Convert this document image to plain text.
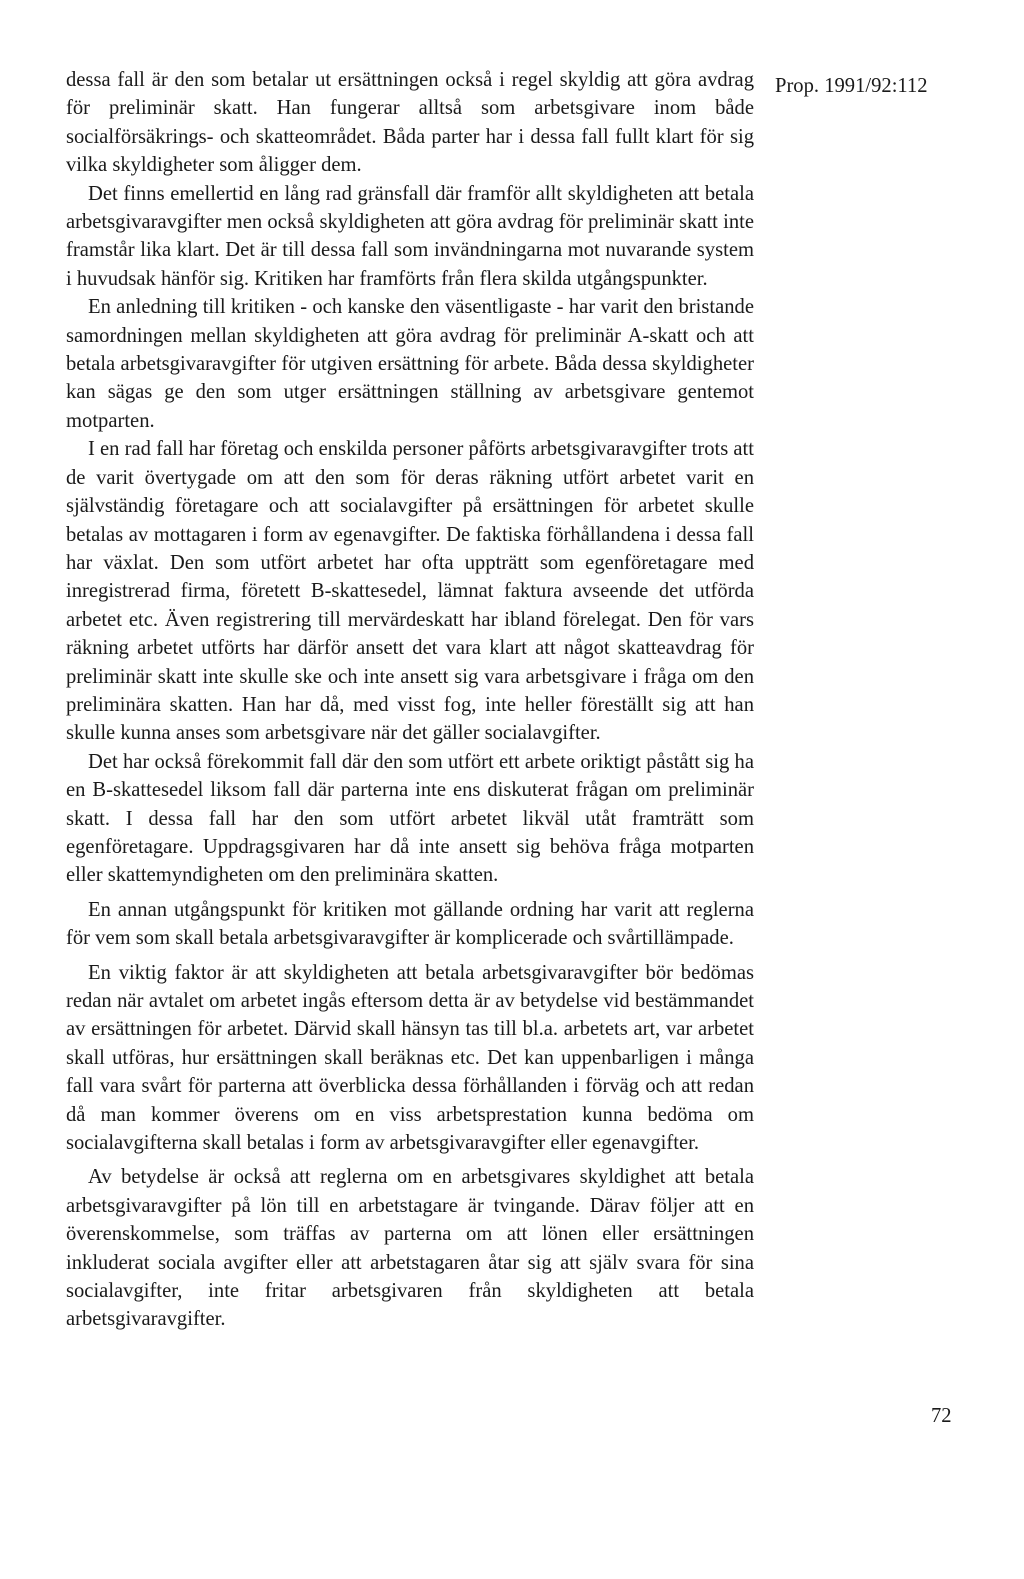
Prop. 1991/92:112

dessa fall är den som betalar ut ersättningen också i regel skyldig att göra avdrag för preliminär skatt. Han fungerar alltså som arbetsgivare inom både socialförsäkrings- och skatteområdet. Båda parter har i dessa fall fullt klart för sig vilka skyldigheter som åligger dem.

Det finns emellertid en lång rad gränsfall där framför allt skyldigheten att betala arbetsgivaravgifter men också skyldigheten att göra avdrag för preliminär skatt inte framstår lika klart. Det är till dessa fall som invändningarna mot nuvarande system i huvudsak hänför sig. Kritiken har framförts från flera skilda utgångspunkter.

En anledning till kritiken - och kanske den väsentligaste - har varit den bristande samordningen mellan skyldigheten att göra avdrag för preliminär A-skatt och att betala arbetsgivaravgifter för utgiven ersättning för arbete. Båda dessa skyldigheter kan sägas ge den som utger ersättningen ställning av arbetsgivare gentemot motparten.

I en rad fall har företag och enskilda personer påförts arbetsgivaravgifter trots att de varit övertygade om att den som för deras räkning utfört arbetet varit en självständig företagare och att socialavgifter på ersättningen för arbetet skulle betalas av mottagaren i form av egenavgifter. De faktiska förhållandena i dessa fall har växlat. Den som utfört arbetet har ofta uppträtt som egenföretagare med inregistrerad firma, företett B-skattesedel, lämnat faktura avseende det utförda arbetet etc. Även registrering till mervärdeskatt har ibland förelegat. Den för vars räkning arbetet utförts har därför ansett det vara klart att något skatteavdrag för preliminär skatt inte skulle ske och inte ansett sig vara arbetsgivare i fråga om den preliminära skatten. Han har då, med visst fog, inte heller föreställt sig att han skulle kunna anses som arbetsgivare när det gäller socialavgifter.

Det har också förekommit fall där den som utfört ett arbete oriktigt påstått sig ha en B-skattesedel liksom fall där parterna inte ens diskuterat frågan om preliminär skatt. I dessa fall har den som utfört arbetet likväl utåt framträtt som egenföretagare. Uppdragsgivaren har då inte ansett sig behöva fråga motparten eller skattemyndigheten om den preliminära skatten.

En annan utgångspunkt för kritiken mot gällande ordning har varit att reglerna för vem som skall betala arbetsgivaravgifter är komplicerade och svårtillämpade.

En viktig faktor är att skyldigheten att betala arbetsgivaravgifter bör bedömas redan när avtalet om arbetet ingås eftersom detta är av betydelse vid bestämmandet av ersättningen för arbetet. Därvid skall hänsyn tas till bl.a. arbetets art, var arbetet skall utföras, hur ersättningen skall beräknas etc. Det kan uppenbarligen i många fall vara svårt för parterna att överblicka dessa förhållanden i förväg och att redan då man kommer överens om en viss arbetsprestation kunna bedöma om socialavgifterna skall betalas i form av arbetsgivaravgifter eller egenavgifter.

Av betydelse är också att reglerna om en arbetsgivares skyldighet att betala arbetsgivaravgifter på lön till en arbetstagare är tvingande. Därav följer att en överenskommelse, som träffas av parterna om att lönen eller ersättningen inkluderat sociala avgifter eller att arbetstagaren åtar sig att själv svara för sina socialavgifter, inte fritar arbetsgivaren från skyldigheten att betala arbetsgivaravgifter.

72
